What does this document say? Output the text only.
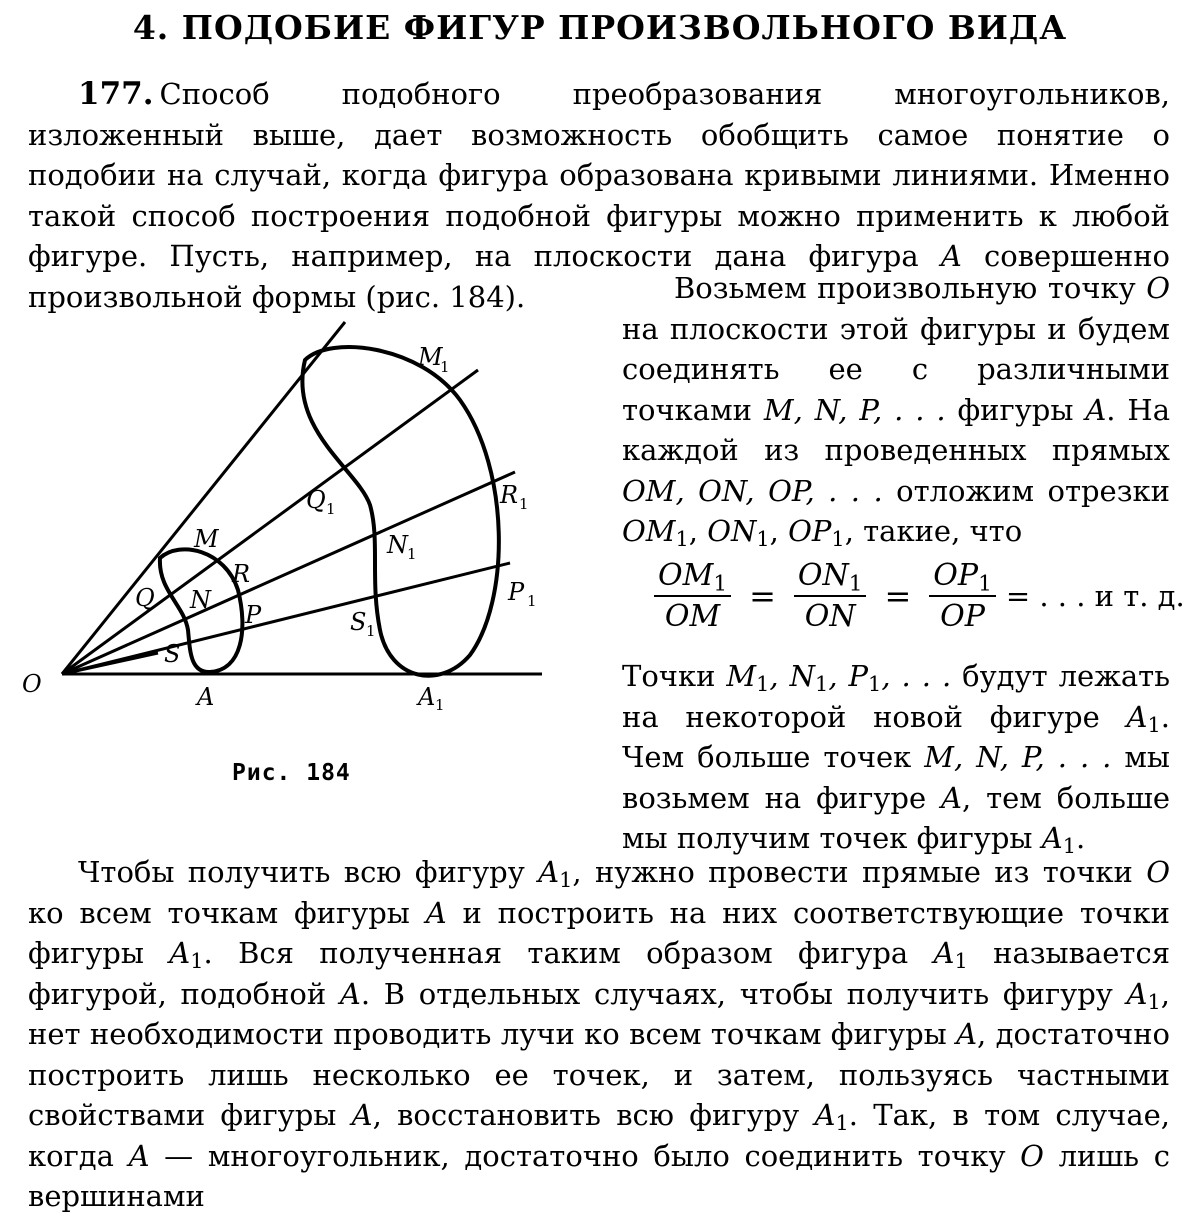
4. ПОДОБИЕ ФИГУР ПРОИЗВОЛЬНОГО ВИДА

177. Способ подобного преобразования многоугольников, изложенный выше, дает возможность обобщить самое понятие о подобии на случай, когда фигура образована кривыми линиями. Именно такой способ построения подобной фигуры можно применить к любой фигуре. Пусть, например, на плоскости дана фигура A совершенно произвольной формы (рис. 184).

O	A	A 1
M
M
1
Q
Q 1
N
N 1
R
R 1
P
P 1
S
S 1
Рис. 184

Возьмем произвольную точку O на плоскости этой фигуры и будем соединять ее с различными точками M, N, P, . . . фигуры A. На каждой из проведенных прямых OM, ON, OP, . . . отложим отрезки $OM_1$, $ON_1$, $OP_1$, такие, что

$\frac{OM_1}{OM} = \frac{ON_1}{ON} = \frac{OP_1}{OP}$ = . . . и т. д.

Точки $M_1$, $N_1$, $P_1$, . . . будут лежать на некоторой новой фигуре $A_1$. Чем больше точек M, N, P, . . . мы возьмем на фигуре A, тем больше мы получим точек фигуры $A_1$.

Чтобы получить всю фигуру $A_1$, нужно провести прямые из точки O ко всем точкам фигуры A и построить на них соответствующие точки фигуры $A_1$. Вся полученная таким образом фигура $A_1$ называется фигурой, подобной A. В отдельных случаях, чтобы получить фигуру $A_1$, нет необходимости проводить лучи ко всем точкам фигуры A, достаточно построить лишь несколько ее точек, и затем, пользуясь частными свойствами фигуры A, восстановить всю фигуру $A_1$. Так, в том случае, когда A — многоугольник, достаточно было соединить точку O лишь с вершинами
